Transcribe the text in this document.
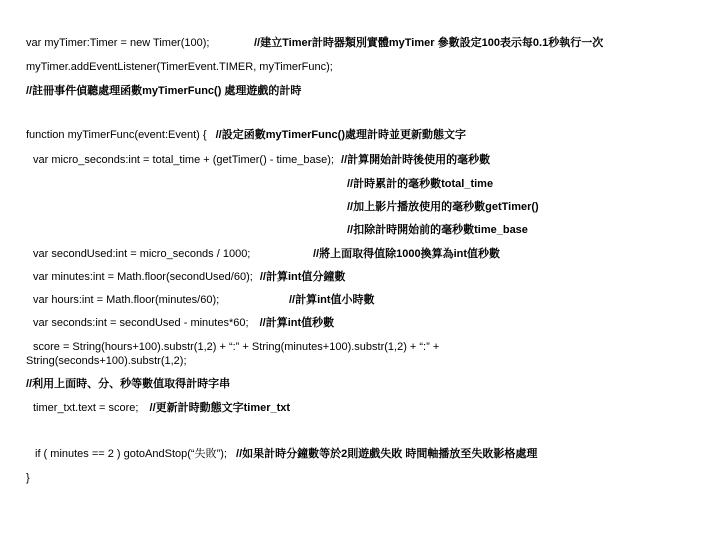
var myTimer:Timer = new Timer(100);	//建立Timer計時器類別實體myTimer 參數設定100表示每0.1秒執行一次
myTimer.addEventListener(TimerEvent.TIMER, myTimerFunc);
//註冊事件偵聽處理函數myTimerFunc() 處理遊戲的計時
function myTimerFunc(event:Event) { //設定函數myTimerFunc()處理計時並更新動態文字
var micro_seconds:int = total_time + (getTimer() - time_base); //計算開始計時後使用的毫秒數
//計時累計的毫秒數total_time
//加上影片播放使用的毫秒數getTimer()
//扣除計時開始前的毫秒數time_base
var secondUsed:int = micro_seconds / 1000;	//將上面取得值除1000換算為int值秒數
var minutes:int = Math.floor(secondUsed/60); //計算int值分鐘數
var hours:int = Math.floor(minutes/60);	//計算int值小時數
var seconds:int = secondUsed - minutes*60; //計算int值秒數
score = String(hours+100).substr(1,2) + “:” + String(minutes+100).substr(1,2) + “:” +
String(seconds+100).substr(1,2);
//利用上面時、分、秒等數值取得計時字串
timer_txt.text = score; //更新計時動態文字timer_txt
if ( minutes == 2 ) gotoAndStop(“失敗”); //如果計時分鐘數等於2則遊戲失敗 時間軸播放至失敗影格處理
}
